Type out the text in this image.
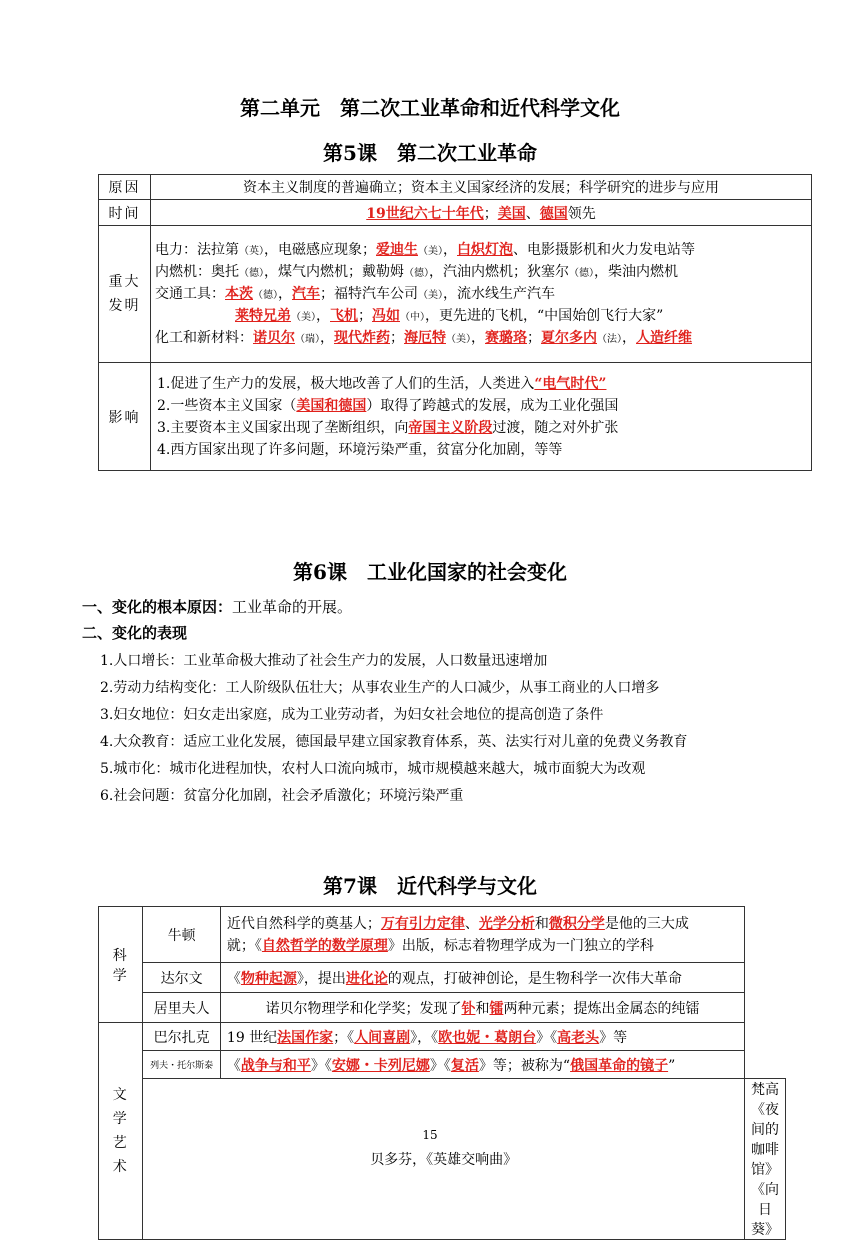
第二单元　第二次工业革命和近代科学文化
第5课　第二次工业革命
原因	资本主义制度的普遍确立；资本主义国家经济的发展；科学研究的进步与应用
时间	19世纪六七十年代；美国、德国领先
重大
发明	电力：法拉第（英），电磁感应现象；爱迪生（美），白炽灯泡、电影摄影机和火力发电站等
内燃机：奥托（德），煤气内燃机；戴勒姆（德），汽油内燃机；狄塞尔（德），柴油内燃机
交通工具：本茨（德），汽车；福特汽车公司（美），流水线生产汽车
莱特兄弟（美），飞机；冯如（中），更先进的飞机，“中国始创飞行大家”
化工和新材料：诺贝尔（瑞），现代炸药；海厄特（美），赛璐珞；夏尔多内（法），人造纤维

影响	1.促进了生产力的发展，极大地改善了人们的生活，人类进入“电气时代”
2.一些资本主义国家（美国和德国）取得了跨越式的发展，成为工业化强国
3.主要资本主义国家出现了垄断组织，向帝国主义阶段过渡，随之对外扩张
4.西方国家出现了许多问题，环境污染严重，贫富分化加剧，等等
第6课　工业化国家的社会变化
一、变化的根本原因：工业革命的开展。
二、变化的表现
1.人口增长：工业革命极大推动了社会生产力的发展，人口数量迅速增加
2.劳动力结构变化：工人阶级队伍壮大；从事农业生产的人口减少，从事工商业的人口增多
3.妇女地位：妇女走出家庭，成为工业劳动者，为妇女社会地位的提高创造了条件
4.大众教育：适应工业化发展，德国最早建立国家教育体系，英、法实行对儿童的免费义务教育
5.城市化：城市化进程加快，农村人口流向城市，城市规模越来越大，城市面貌大为改观
6.社会问题：贫富分化加剧，社会矛盾激化；环境污染严重
第7课　近代科学与文化
科学	牛顿	近代自然科学的奠基人；万有引力定律、光学分析和微积分学是他的三大成
就；《自然哲学的数学原理》出版，标志着物理学成为一门独立的学科	

	达尔文	《物种起源》，提出进化论的观点，打破神创论，是生物科学一次伟大革命	
	居里夫人	诺贝尔物理学和化学奖；发现了钋和镭两种元素；提炼出金属态的纯镭	
文学
艺术	巴尔扎克	19 世纪法国作家；《人间喜剧》，《欧也妮・葛朗台》《高老头》等	
	列夫・托尔斯泰	《战争与和平》《安娜・卡列尼娜》《复活》等；被称为“俄国革命的镜子”	

	贝多芬，《英雄交响曲》		梵高《夜间的咖啡馆》《向日葵》
15
